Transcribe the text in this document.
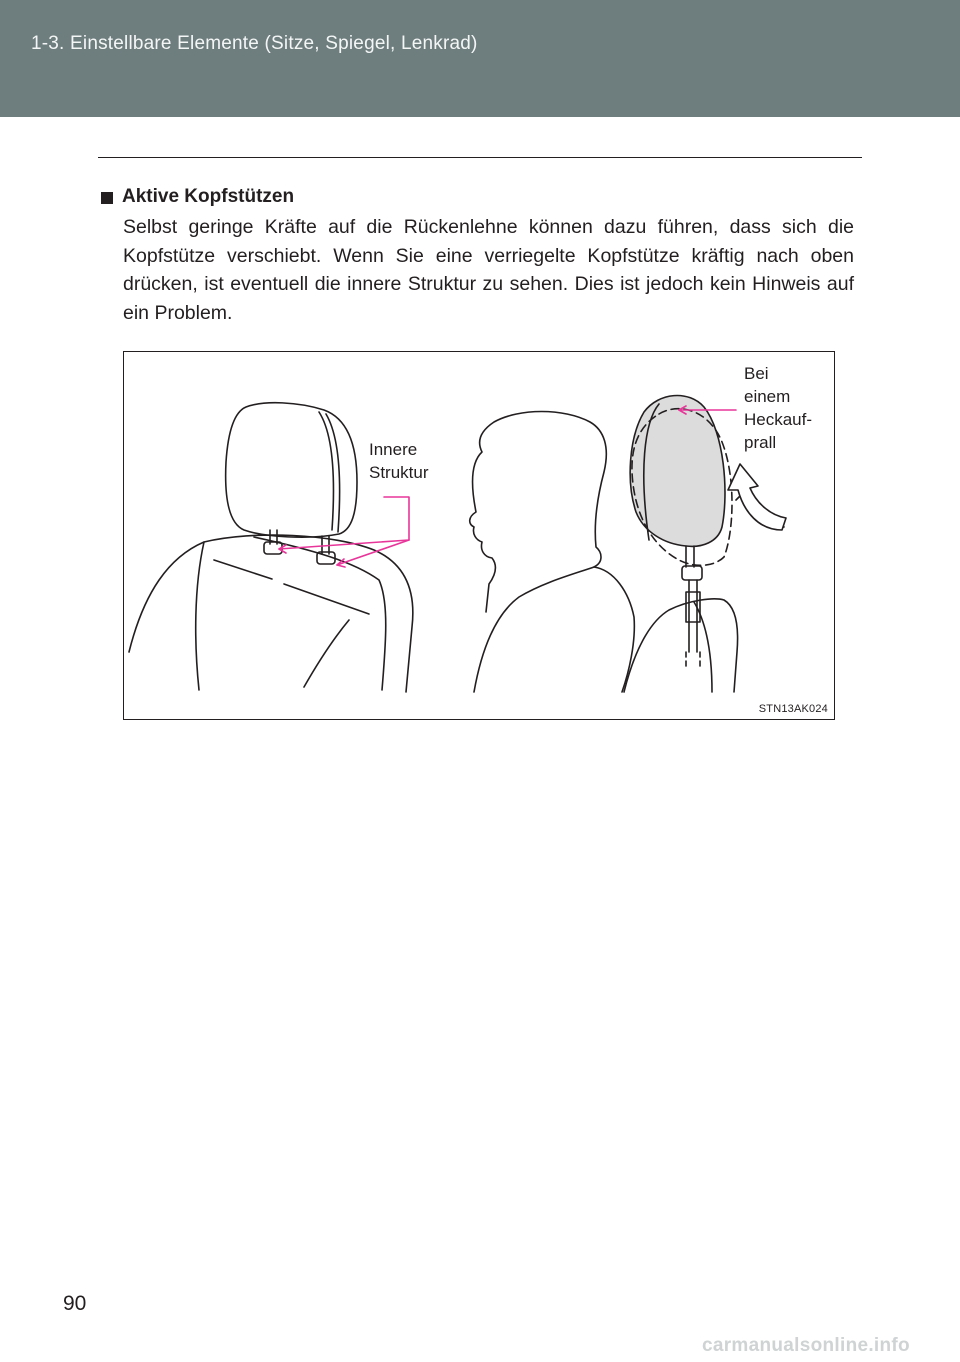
1-3. Einstellbare Elemente (Sitze, Spiegel, Lenkrad)
Aktive Kopfstützen
Selbst geringe Kräfte auf die Rückenlehne können dazu führen, dass sich die Kopfstütze verschiebt. Wenn Sie eine verriegelte Kopfstütze kräftig nach oben drücken, ist eventuell die innere Struktur zu sehen. Dies ist jedoch kein Hinweis auf ein Problem.
Innere
Struktur
Bei
einem
Heckauf-
prall
STN13AK024
90
carmanualsonline.info
